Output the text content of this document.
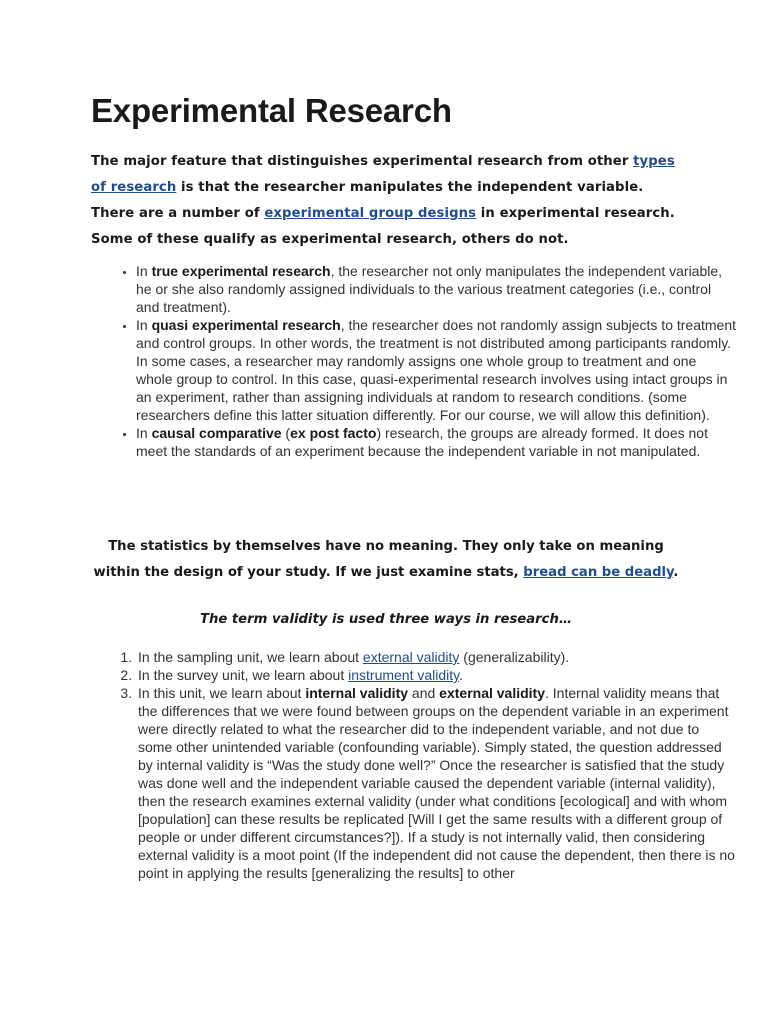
Experimental Research

The major feature that distinguishes experimental research from other types of research is that the researcher manipulates the independent variable. There are a number of experimental group designs in experimental research. Some of these qualify as experimental research, others do not.

• In true experimental research, the researcher not only manipulates the independent variable, he or she also randomly assigned individuals to the various treatment categories (i.e., control and treatment).
• In quasi experimental research, the researcher does not randomly assign subjects to treatment and control groups. In other words, the treatment is not distributed among participants randomly. In some cases, a researcher may randomly assigns one whole group to treatment and one whole group to control. In this case, quasi-experimental research involves using intact groups in an experiment, rather than assigning individuals at random to research conditions. (some researchers define this latter situation differently. For our course, we will allow this definition).
• In causal comparative (ex post facto) research, the groups are already formed. It does not meet the standards of an experiment because the independent variable in not manipulated.

The statistics by themselves have no meaning. They only take on meaning within the design of your study. If we just examine stats, bread can be deadly.

The term validity is used three ways in research…

1. In the sampling unit, we learn about external validity (generalizability).
2. In the survey unit, we learn about instrument validity.
3. In this unit, we learn about internal validity and external validity. Internal validity means that the differences that we were found between groups on the dependent variable in an experiment were directly related to what the researcher did to the independent variable, and not due to some other unintended variable (confounding variable). Simply stated, the question addressed by internal validity is “Was the study done well?” Once the researcher is satisfied that the study was done well and the independent variable caused the dependent variable (internal validity), then the research examines external validity (under what conditions [ecological] and with whom [population] can these results be replicated [Will I get the same results with a different group of people or under different circumstances?]). If a study is not internally valid, then considering external validity is a moot point (If the independent did not cause the dependent, then there is no point in applying the results [generalizing the results] to other
